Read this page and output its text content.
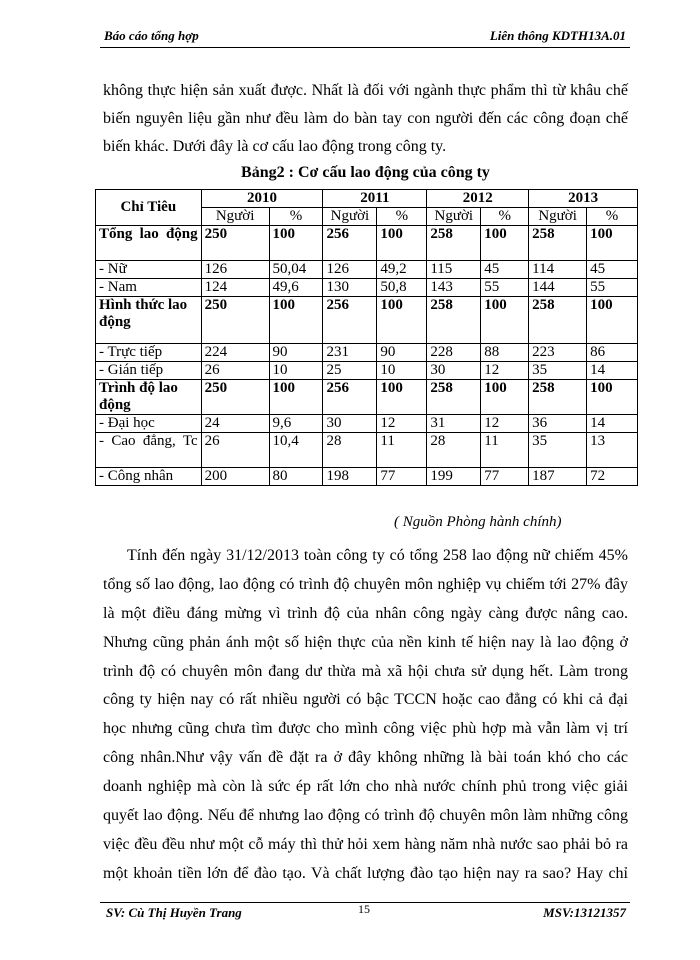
Báo cáo tổng hợp	Liên thông KDTH13A.01
không thực hiện sản xuất được. Nhất là đối với ngành thực phẩm thì từ khâu chế
biến nguyên liệu gần như đều làm do bàn tay con người đến các công đoạn chế
biến khác. Dưới đây là cơ cấu lao động trong công ty.
Bảng2 : Cơ cấu lao động của công ty
Chỉ Tiêu	2010		2011		2012		2013	
	Người	%	Người	%	Người	%	Người	%
Tổng lao động	250	100	256	100	258	100	258	100
- Nữ	126	50,04	126	49,2	115	45	114	45
- Nam	124	49,6	130	50,8	143	55	144	55
Hình thức lao động	250	100	256	100	258	100	258	100
- Trực tiếp	224	90	231	90	228	88	223	86
- Gián tiếp	26	10	25	10	30	12	35	14
Trình độ lao động	250	100	256	100	258	100	258	100
- Đại học	24	9,6	30	12	31	12	36	14
- Cao đẳng, Tc	26	10,4	28	11	28	11	35	13
- Công nhân	200	80	198	77	199	77	187	72
( Nguồn Phòng hành chính)
Tính đến ngày 31/12/2013 toàn công ty có tổng 258 lao động nữ chiếm 45%
tổng số lao động, lao động có trình độ chuyên môn nghiệp vụ chiếm tới 27% đây
là một điều đáng mừng vì trình độ của nhân công ngày càng được nâng cao.
Nhưng cũng phản ánh một số hiện thực của nền kinh tế hiện nay là lao động ở
trình độ có chuyên môn đang dư thừa mà xã hội chưa sử dụng hết. Làm trong
công ty hiện nay có rất nhiều người có bậc TCCN hoặc cao đẳng có khi cả đại
học nhưng cũng chưa tìm được cho mình công việc phù hợp mà vẫn làm vị trí
công nhân.Như vậy vấn đề đặt ra ở đây không những là bài toán khó cho các
doanh nghiệp mà còn là sức ép rất lớn cho nhà nước chính phủ trong việc giải
quyết lao động. Nếu để nhưng lao động có trình độ chuyên môn làm những công
việc đều đều như một cỗ máy thì thử hỏi xem hàng năm nhà nước sao phải bỏ ra
một khoản tiền lớn để đào tạo. Và chất lượng đào tạo hiện nay ra sao? Hay chỉ
SV: Cù Thị Huyền Trang	15	MSV:13121357
